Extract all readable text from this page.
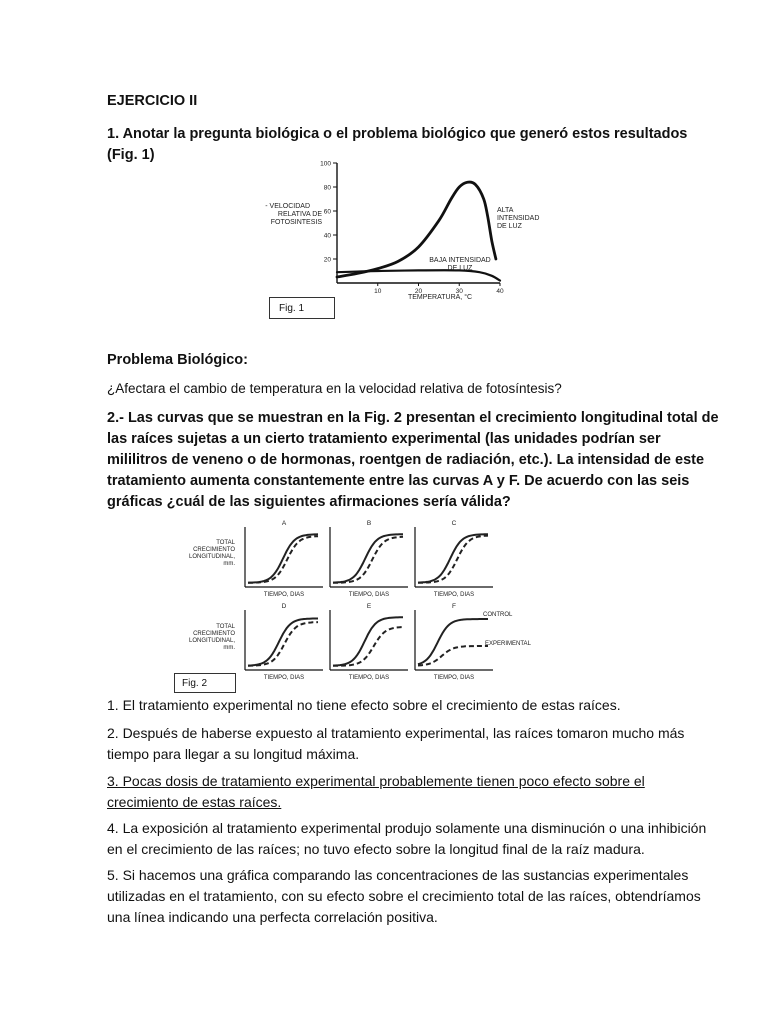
EJERCICIO II
1. Anotar la pregunta biológica o el problema biológico que generó estos resultados
(Fig. 1)
- VELOCIDAD
RELATIVA DE
FOTOSINTESIS
100
80
60
40
20
10	20	30	40
ALTA
INTENSIDAD
DE LUZ
BAJA INTENSIDAD
DE LUZ
TEMPERATURA, °C
Fig. 1
Problema Biológico:
¿Afectara el cambio de temperatura en la velocidad relativa de fotosíntesis?
2.- Las curvas que se muestran en la Fig. 2 presentan el crecimiento longitudinal total de
las raíces sujetas a un cierto tratamiento experimental (las unidades podrían ser
mililitros de veneno o de hormonas, roentgen de radiación, etc.). La intensidad de este
tratamiento aumenta constantemente entre las curvas A y F. De acuerdo con las seis
gráficas ¿cuál de las siguientes afirmaciones sería válida?
TOTAL
CRECIMIENTO
LONGITUDINAL,
mm.
TOTAL
CRECIMIENTO
LONGITUDINAL,
mm.
A
TIEMPO, DIAS
B
TIEMPO, DIAS
C
TIEMPO, DIAS
D
TIEMPO, DIAS
E
TIEMPO, DIAS
F
TIEMPO, DIAS
CONTROL
EXPERIMENTAL
Fig. 2
1. El tratamiento experimental no tiene efecto sobre el crecimiento de estas raíces.
2. Después de haberse expuesto al tratamiento experimental, las raíces tomaron mucho más
tiempo para llegar a su longitud máxima.
3. Pocas dosis de tratamiento experimental probablemente tienen poco efecto sobre el
crecimiento de estas raíces.
4. La exposición al tratamiento experimental produjo solamente una disminución o una inhibición
en el crecimiento de las raíces; no tuvo efecto sobre la longitud final de la raíz madura.
5. Si hacemos una gráfica comparando las concentraciones de las sustancias experimentales
utilizadas en el tratamiento, con su efecto sobre el crecimiento total de las raíces, obtendríamos
una línea indicando una perfecta correlación positiva.
